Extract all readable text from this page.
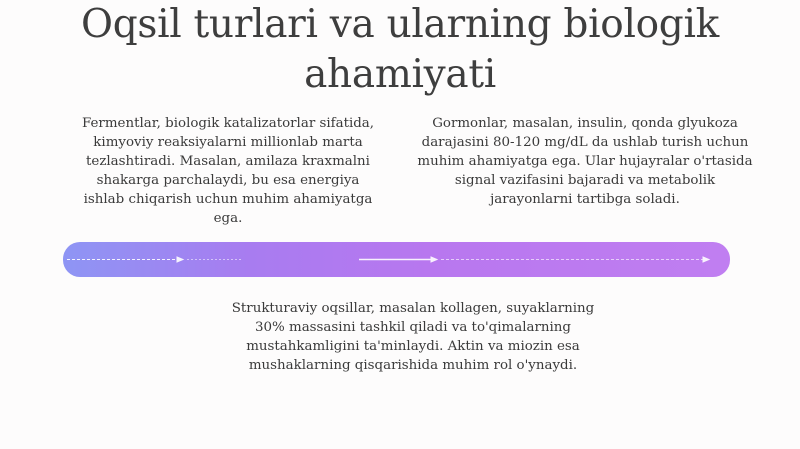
Oqsil turlari va ularning biologik ahamiyati
Fermentlar, biologik katalizatorlar sifatida, kimyoviy reaksiyalarni millionlab marta tezlashtiradi. Masalan, amilaza kraxmalni shakarga parchalaydi, bu esa energiya ishlab chiqarish uchun muhim ahamiyatga ega.
Gormonlar, masalan, insulin, qonda glyukoza darajasini 80-120 mg/dL da ushlab turish uchun muhim ahamiyatga ega. Ular hujayralar o'rtasida signal vazifasini bajaradi va metabolik jarayonlarni tartibga soladi.
Strukturaviy oqsillar, masalan kollagen, suyaklarning 30% massasini tashkil qiladi va to'qimalarning mustahkamligini ta'minlaydi. Aktin va miozin esa mushaklarning qisqarishida muhim rol o'ynaydi.
